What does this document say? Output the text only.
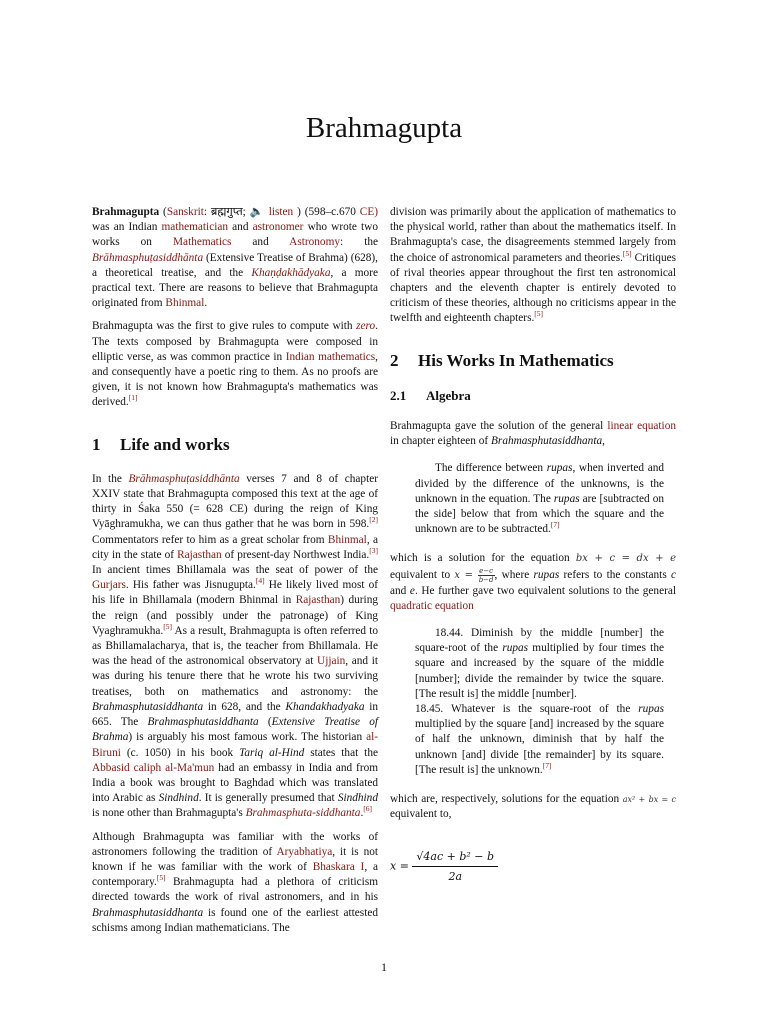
Brahmagupta

Brahmagupta (Sanskrit: ब्रह्मगुप्त; 🔈 listen ) (598–c.670 CE) was an Indian mathematician and astronomer who wrote two works on Mathematics and Astronomy: the Brāhmasphuṭasiddhānta (Extensive Treatise of Brahma) (628), a theoretical treatise, and the Khaṇḍakhādyaka, a more practical text. There are reasons to believe that Brahmagupta originated from Bhinmal.

Brahmagupta was the first to give rules to compute with zero. The texts composed by Brahmagupta were composed in elliptic verse, as was common practice in Indian mathematics, and consequently have a poetic ring to them. As no proofs are given, it is not known how Brahmagupta's mathematics was derived.[1]

1 Life and works

In the Brāhmasphuṭasiddhānta verses 7 and 8 of chapter XXIV state that Brahmagupta composed this text at the age of thirty in Śaka 550 (= 628 CE) during the reign of King Vyāghramukha, we can thus gather that he was born in 598.[2] Commentators refer to him as a great scholar from Bhinmal, a city in the state of Rajasthan of present-day Northwest India.[3] In ancient times Bhillamala was the seat of power of the Gurjars. His father was Jisnugupta.[4] He likely lived most of his life in Bhillamala (modern Bhinmal in Rajasthan) during the reign (and possibly under the patronage) of King Vyaghramukha.[5] As a result, Brahmagupta is often referred to as Bhillamalacharya, that is, the teacher from Bhillamala. He was the head of the astronomical observatory at Ujjain, and it was during his tenure there that he wrote his two surviving treatises, both on mathematics and astronomy: the Brahmasphutasiddhanta in 628, and the Khandakhadyaka in 665. The Brahmasphutasiddhanta (Extensive Treatise of Brahma) is arguably his most famous work. The historian al-Biruni (c. 1050) in his book Tariq al-Hind states that the Abbasid caliph al-Ma'mun had an embassy in India and from India a book was brought to Baghdad which was translated into Arabic as Sindhind. It is generally presumed that Sindhind is none other than Brahmagupta's Brahmasphuta-siddhanta.[6]

Although Brahmagupta was familiar with the works of astronomers following the tradition of Aryabhatiya, it is not known if he was familiar with the work of Bhaskara I, a contemporary.[5] Brahmagupta had a plethora of criticism directed towards the work of rival astronomers, and in his Brahmasphutasiddhanta is found one of the earliest attested schisms among Indian mathematicians. The

division was primarily about the application of mathematics to the physical world, rather than about the mathematics itself. In Brahmagupta's case, the disagreements stemmed largely from the choice of astronomical parameters and theories.[5] Critiques of rival theories appear throughout the first ten astronomical chapters and the eleventh chapter is entirely devoted to criticism of these theories, although no criticisms appear in the twelfth and eighteenth chapters.[5]

2 His Works In Mathematics
2.1 Algebra

Brahmagupta gave the solution of the general linear equation in chapter eighteen of Brahmasphutasiddhanta,

The difference between rupas, when inverted and divided by the difference of the unknowns, is the unknown in the equation. The rupas are [subtracted on the side] below that from which the square and the unknown are to be subtracted.[7]

which is a solution for the equation bx + c = dx + e equivalent to $x = \frac{e-c}{b-d}$ , where rupas refers to the constants c and e. He further gave two equivalent solutions to the general quadratic equation

18.44. Diminish by the middle [number] the square-root of the rupas multiplied by four times the square and increased by the square of the middle [number]; divide the remainder by twice the square. [The result is] the middle [number].

18.45. Whatever is the square-root of the rupas multiplied by the square [and] increased by the square of half the unknown, diminish that by half the unknown [and] divide [the remainder] by its square. [The result is] the unknown.[7]

which are, respectively, solutions for the equation ax² + bx = c equivalent to,

$x = \frac{\text{√4ac + b² − b}}{2a}$
1
